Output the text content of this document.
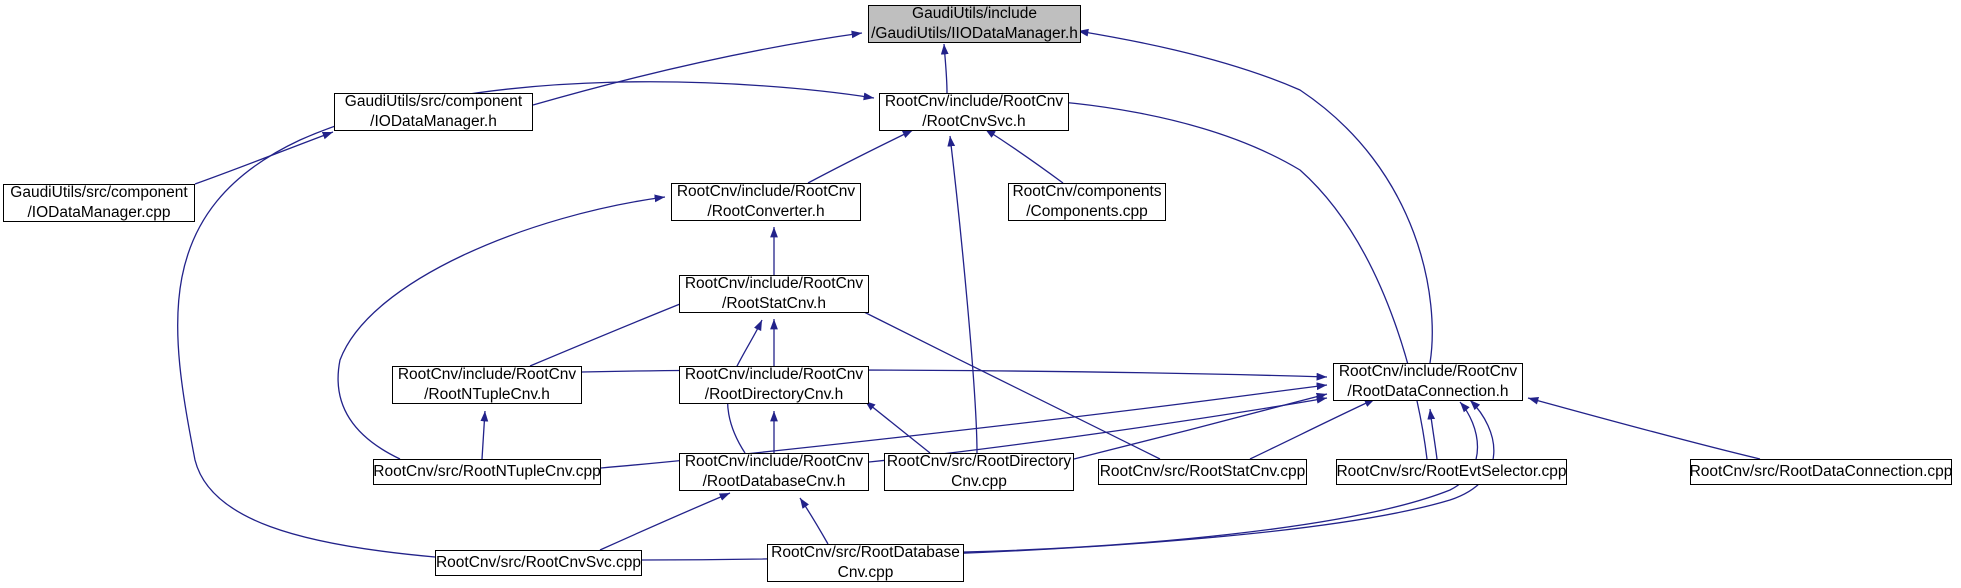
GaudiUtils/include
/GaudiUtils/IIODataManager.h
GaudiUtils/src/component
/IODataManager.h
RootCnv/include/RootCnv
/RootCnvSvc.h
GaudiUtils/src/component
/IODataManager.cpp
RootCnv/include/RootCnv
/RootConverter.h
RootCnv/components
/Components.cpp
RootCnv/include/RootCnv
/RootStatCnv.h
RootCnv/include/RootCnv
/RootNTupleCnv.h
RootCnv/include/RootCnv
/RootDirectoryCnv.h
RootCnv/include/RootCnv
/RootDataConnection.h
RootCnv/src/RootNTupleCnv.cpp
RootCnv/include/RootCnv
/RootDatabaseCnv.h
RootCnv/src/RootDirectory
Cnv.cpp
RootCnv/src/RootStatCnv.cpp RootCnv/src/RootEvtSelector.cpp	RootCnv/src/RootDataConnection.cpp
RootCnv/src/RootCnvSvc.cpp
RootCnv/src/RootDatabase
Cnv.cpp
